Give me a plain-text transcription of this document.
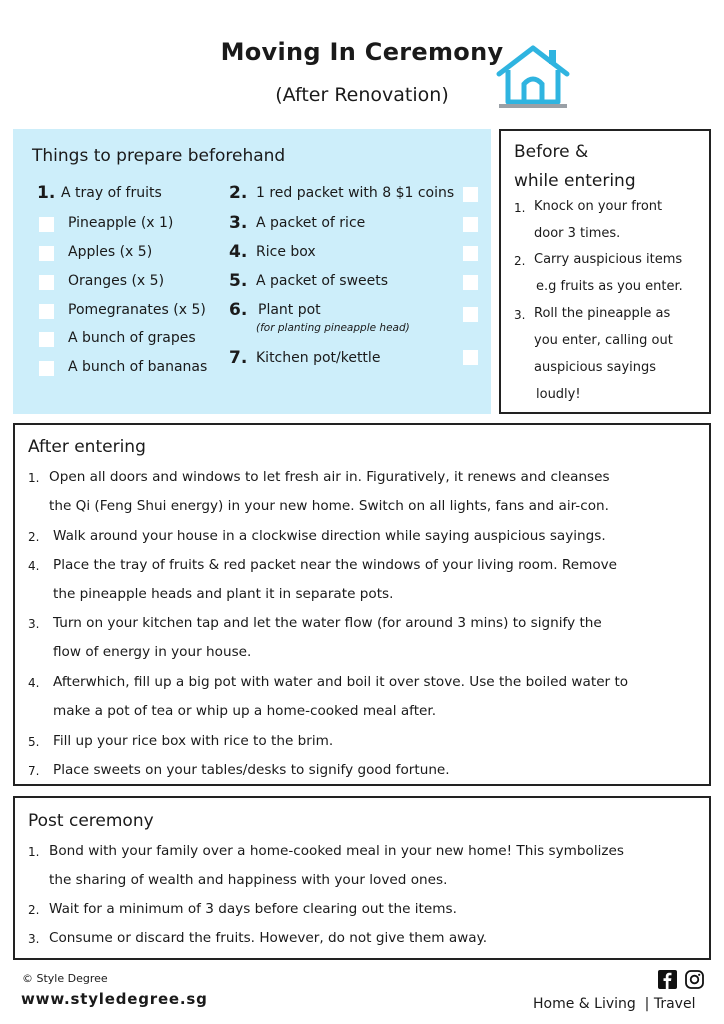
Moving In Ceremony
(After Renovation)
Things to prepare beforehand
1. A tray of fruits
Pineapple (x 1)
Apples (x 5)
Oranges (x 5)
Pomegranates (x 5)
A bunch of grapes
A bunch of bananas
2. 1 red packet with 8 $1 coins
3. A packet of rice
4. Rice box
5. A packet of sweets
6. Plant pot
(for planting pineapple head)
7. Kitchen pot/kettle
Before &
while entering
1. Knock on your front
door 3 times.
2. Carry auspicious items
e.g fruits as you enter.
3. Roll the pineapple as
you enter, calling out
auspicious sayings
loudly!
After entering
1. Open all doors and windows to let fresh air in. Figuratively, it renews and cleanses
the Qi (Feng Shui energy) in your new home. Switch on all lights, fans and air-con.
2. Walk around your house in a clockwise direction while saying auspicious sayings.
4. Place the tray of fruits & red packet near the windows of your living room. Remove
the pineapple heads and plant it in separate pots.
3. Turn on your kitchen tap and let the water flow (for around 3 mins) to signify the
flow of energy in your house.
4. Afterwhich, fill up a big pot with water and boil it over stove. Use the boiled water to
make a pot of tea or whip up a home-cooked meal after.
5. Fill up your rice box with rice to the brim.
7. Place sweets on your tables/desks to signify good fortune.
Post ceremony
1. Bond with your family over a home-cooked meal in your new home! This symbolizes
the sharing of wealth and happiness with your loved ones.
2. Wait for a minimum of 3 days before clearing out the items.
3. Consume or discard the fruits. However, do not give them away.
© Style Degree
www.styledegree.sg	Home & Living  | Travel
